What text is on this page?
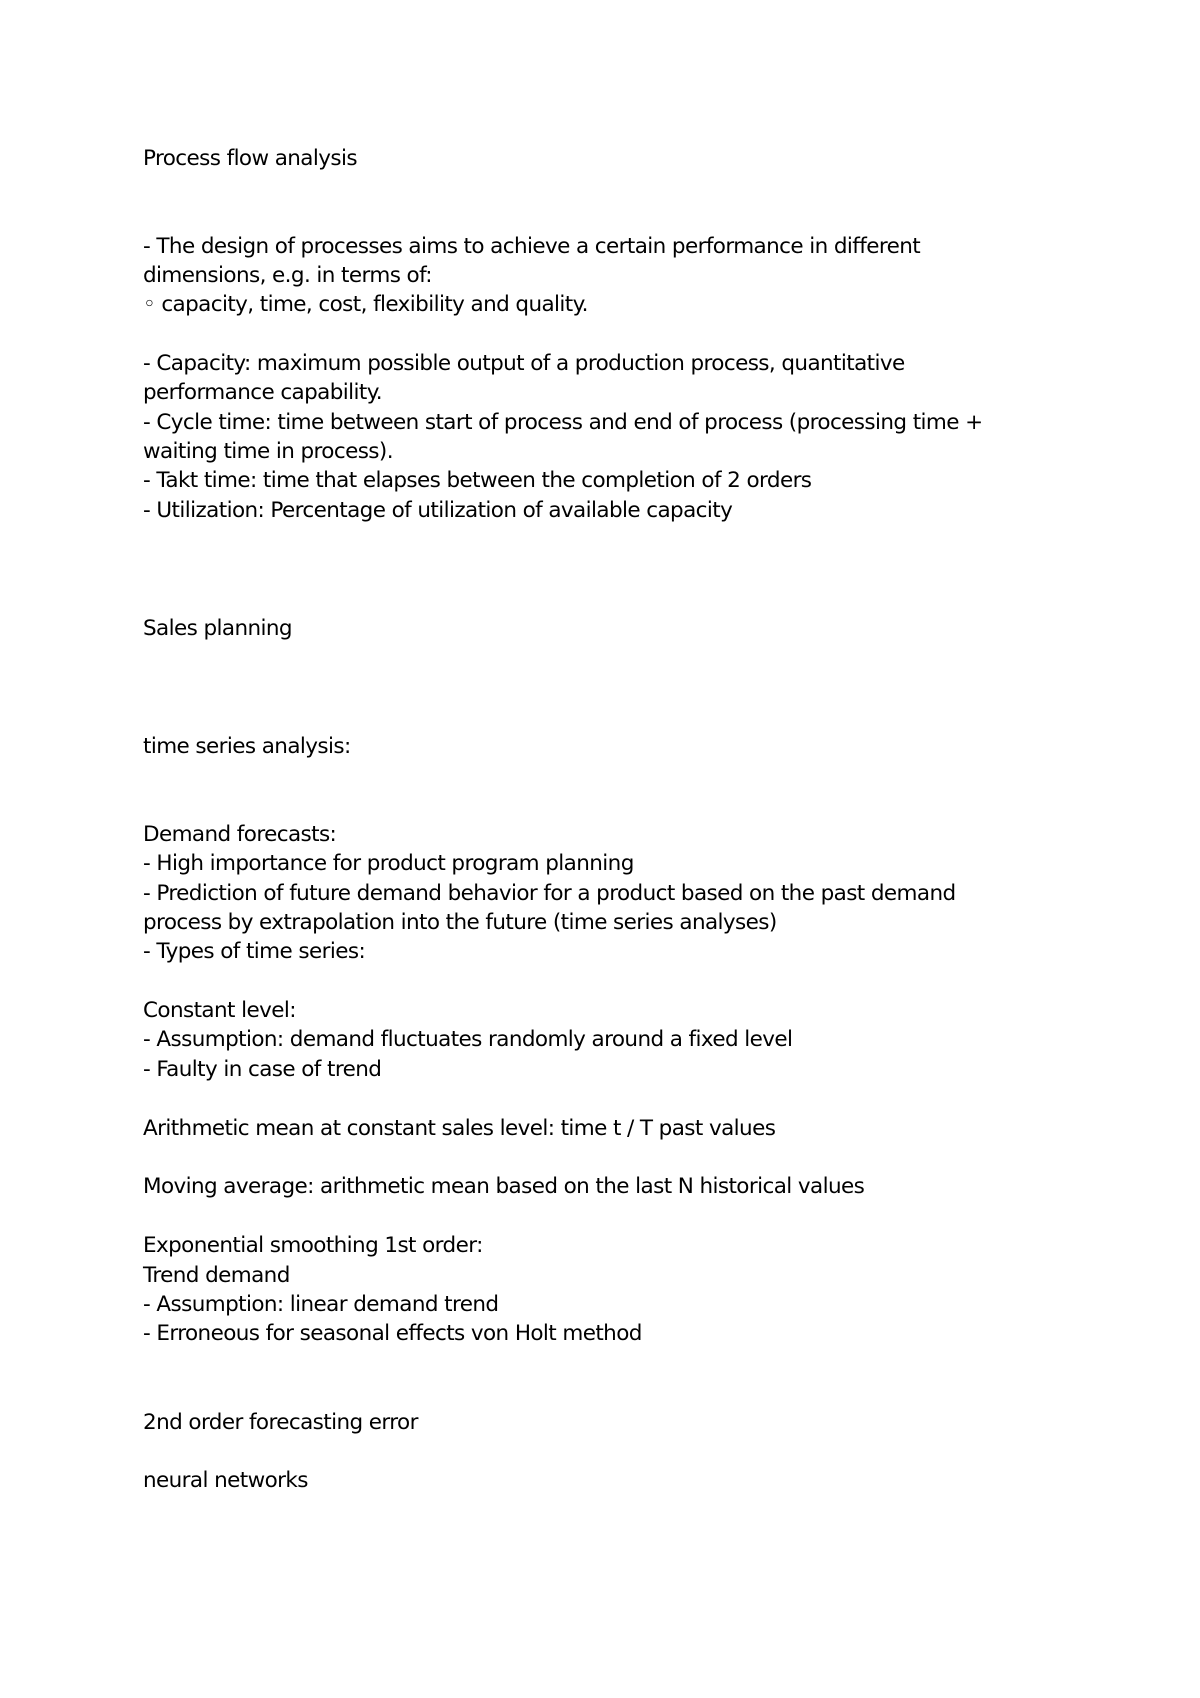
Process flow analysis
- The design of processes aims to achieve a certain performance in different
dimensions, e.g. in terms of:
◦ capacity, time, cost, flexibility and quality.
- Capacity: maximum possible output of a production process, quantitative
performance capability.
- Cycle time: time between start of process and end of process (processing time +
waiting time in process).
- Takt time: time that elapses between the completion of 2 orders
- Utilization: Percentage of utilization of available capacity
Sales planning
time series analysis:
Demand forecasts:
- High importance for product program planning
- Prediction of future demand behavior for a product based on the past demand
process by extrapolation into the future (time series analyses)
- Types of time series:
Constant level:
- Assumption: demand fluctuates randomly around a fixed level
- Faulty in case of trend
Arithmetic mean at constant sales level: time t / T past values
Moving average: arithmetic mean based on the last N historical values
Exponential smoothing 1st order:
Trend demand
- Assumption: linear demand trend
- Erroneous for seasonal effects von Holt method
2nd order forecasting error
neural networks
